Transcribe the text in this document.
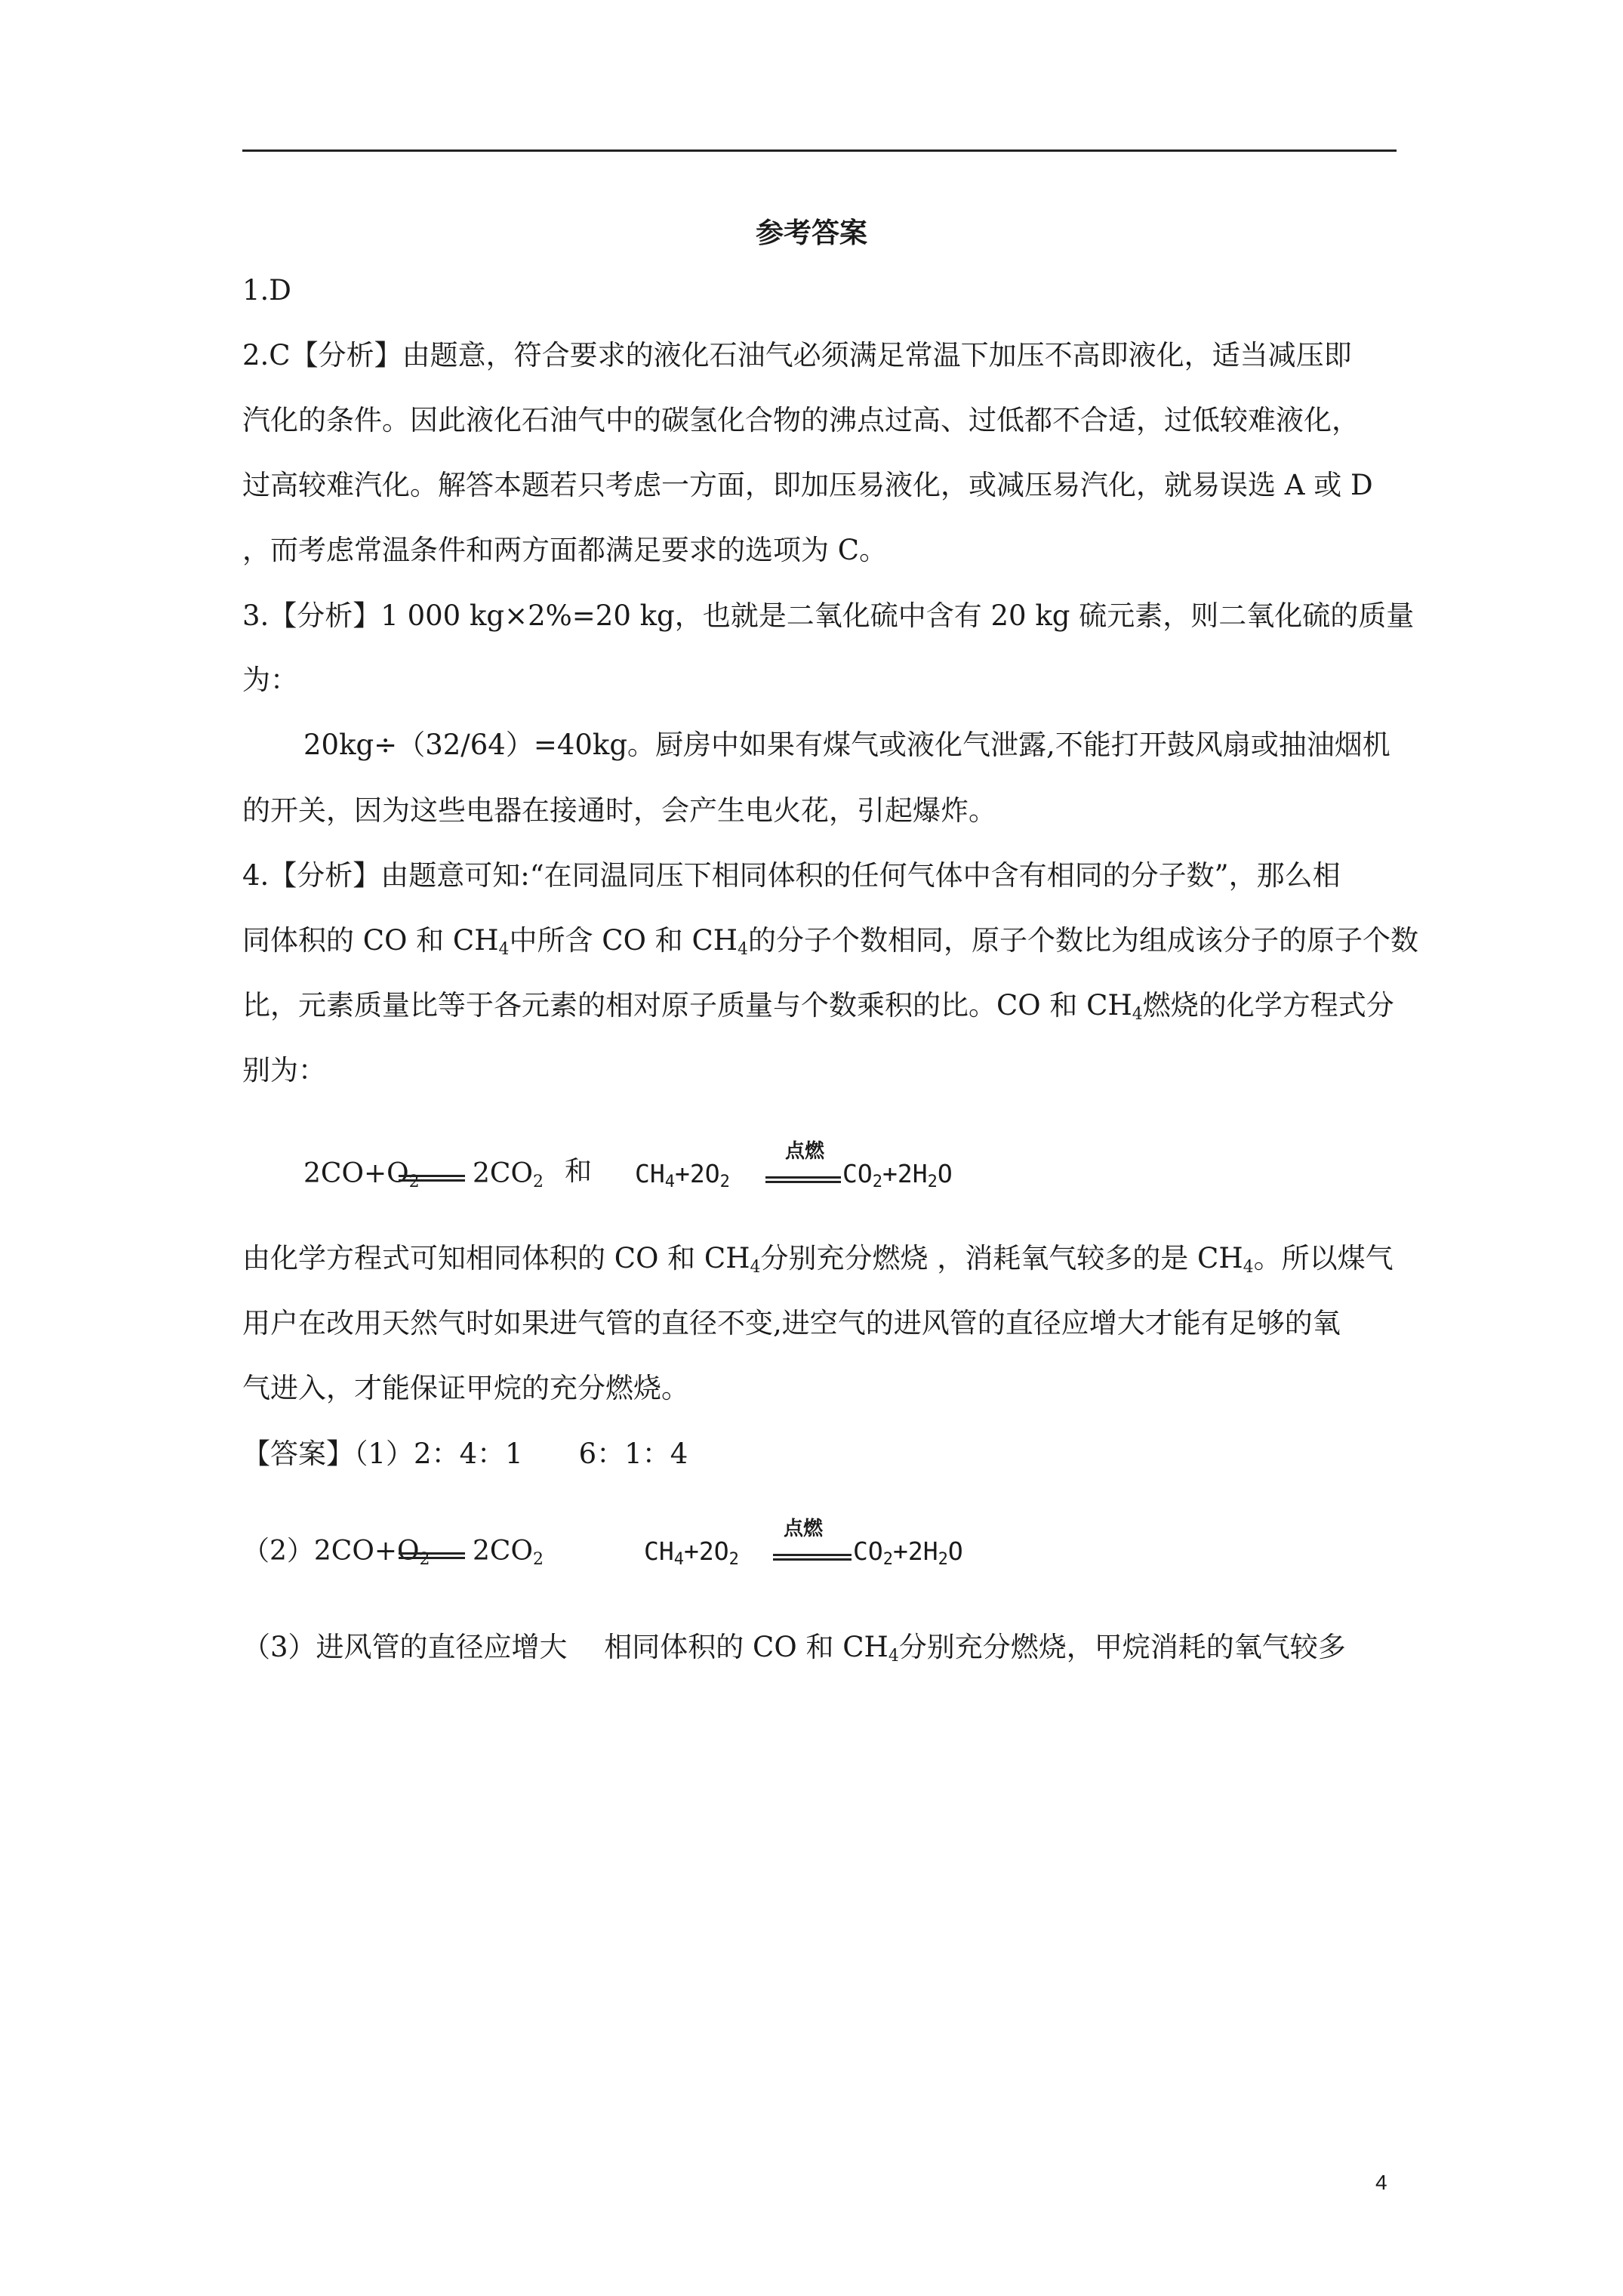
参考答案
1.D
2.C【分析】由题意，符合要求的液化石油气必须满足常温下加压不高即液化，适当减压即
汽化的条件。因此液化石油气中的碳氢化合物的沸点过高、过低都不合适，过低较难液化，
过高较难汽化。解答本题若只考虑一方面，即加压易液化，或减压易汽化，就易误选 A 或 D
，而考虑常温条件和两方面都满足要求的选项为 C。
3.【分析】1 000 kg×2%=20 kg，也就是二氧化硫中含有 20 kg 硫元素，则二氧化硫的质量
为：
20kg÷（32/64）=40kg。厨房中如果有煤气或液化气泄露,不能打开鼓风扇或抽油烟机
的开关，因为这些电器在接通时，会产生电火花，引起爆炸。
4.【分析】由题意可知:“在同温同压下相同体积的任何气体中含有相同的分子数”，那么相
同体积的 CO 和 $CH_4$中所含 CO 和 $CH_4$的分子个数相同，原子个数比为组成该分子的原子个数
比，元素质量比等于各元素的相对原子质量与个数乘积的比。CO 和 $CH_4$燃烧的化学方程式分
别为：
$2CO+O_2$ $2CO_2$ 和 $CH_4+2O_2$
点燃
$CO_2+2H_2O$
由化学方程式可知相同体积的 CO 和 $CH_4$分别充分燃烧 ，消耗氧气较多的是 $CH_4$。所以煤气
用户在改用天然气时如果进气管的直径不变,进空气的进风管的直径应增大才能有足够的氧
气进入，才能保证甲烷的充分燃烧。
【答案】（1）2：4：1　　6：1：4
$(2)2CO+O_2$ $2CO_2$	$CH_4+2O_2$
点燃
$CO_2+2H_2O$
（3）进风管的直径应增大　 相同体积的 CO 和 $CH_4$分别充分燃烧，甲烷消耗的氧气较多
4
